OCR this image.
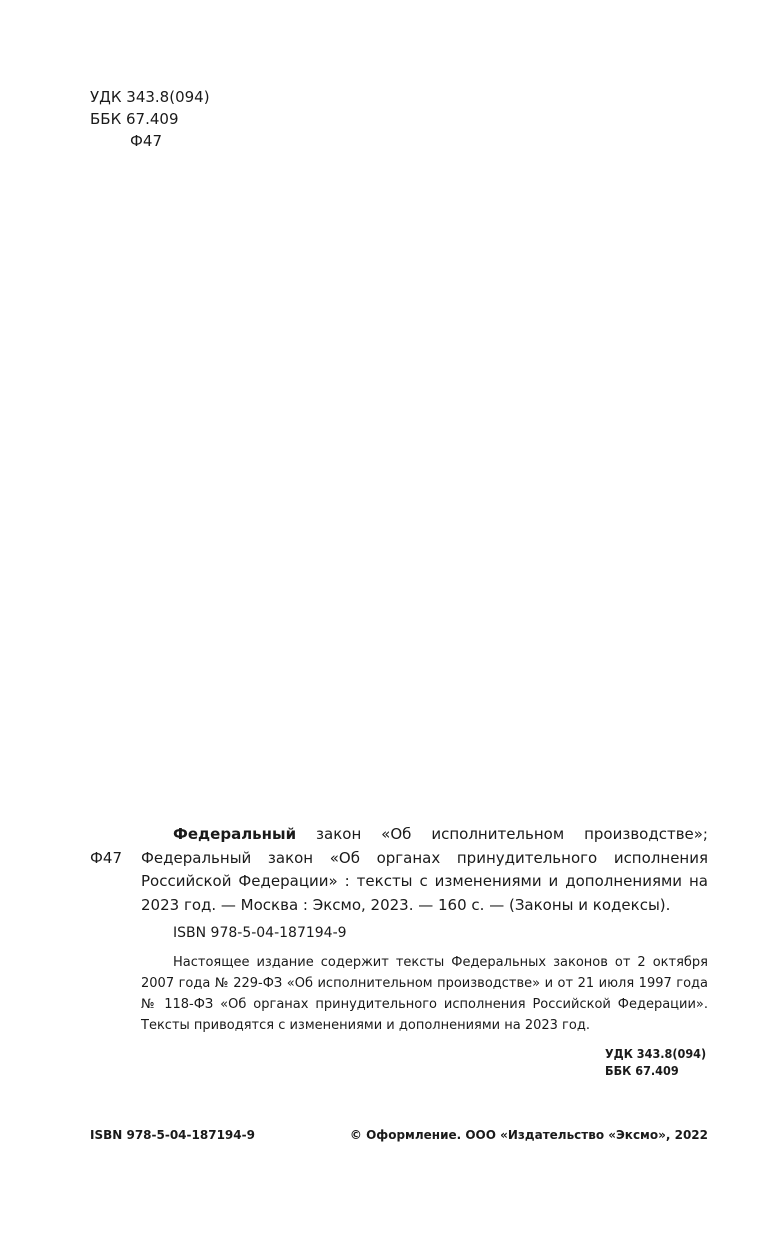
УДК 343.8(094)
ББК 67.409
Ф47
Ф47
Федеральный закон «Об исполнительном производстве»; Федеральный закон «Об органах принудительного исполнения Российской Федерации» : тексты с изменениями и дополнениями на 2023 год. — Москва : Эксмо, 2023. — 160 с. — (Законы и кодексы).
ISBN 978-5-04-187194-9
Настоящее издание содержит тексты Федеральных законов от 2 октября 2007 года № 229-ФЗ «Об исполнительном производстве» и от 21 июля 1997 года № 118-ФЗ «Об органах принудительного исполнения Российской Федерации». Тексты приводятся с изменениями и дополнениями на 2023 год.
УДК 343.8(094)
ББК 67.409
ISBN 978-5-04-187194-9	© Оформление. ООО «Издательство «Эксмо», 2022
